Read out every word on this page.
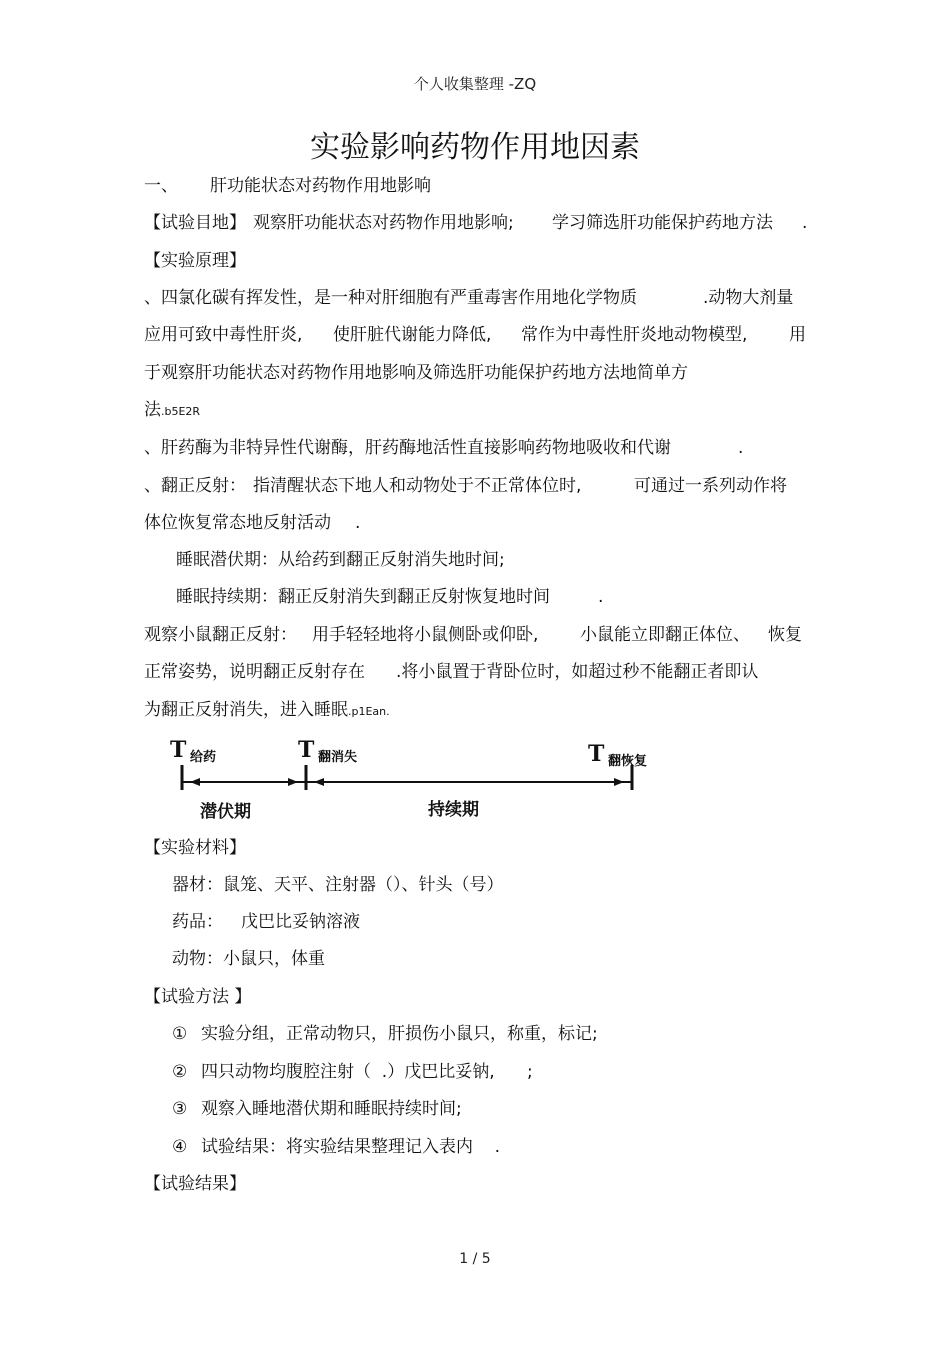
个人收集整理 -ZQ
实验影响药物作用地因素
一、 肝功能状态对药物作用地影响
【试验目地】 观察肝功能状态对药物作用地影响; 学习筛选肝功能保护药地方法 .
【实验原理】
、四氯化碳有挥发性，是一种对肝细胞有严重毒害作用地化学物质	.动物大剂量
应用可致中毒性肝炎, 使肝脏代谢能力降低, 常作为中毒性肝炎地动物模型, 用
于观察肝功能状态对药物作用地影响及筛选肝功能保护药地方法地简单方
法.b5E2R
、肝药酶为非特异性代谢酶，肝药酶地活性直接影响药物地吸收和代谢	.
、翻正反射： 指清醒状态下地人和动物处于不正常体位时,	可通过一系列动作将
体位恢复常态地反射活动 .
睡眠潜伏期：从给药到翻正反射消失地时间;
睡眠持续期：翻正反射消失到翻正反射恢复地时间	.
观察小鼠翻正反射： 用手轻轻地将小鼠侧卧或仰卧, 小鼠能立即翻正体位、 恢复
正常姿势，说明翻正反射存在 .将小鼠置于背卧位时，如超过秒不能翻正者即认
为翻正反射消失，进入睡眠.p1Ean.
T 给药	T 翻消失	T 翻恢复
潜伏期	持续期
【实验材料】
器材：鼠笼、天平、注射器（）、针头（号）
药品： 戊巴比妥钠溶液
动物：小鼠只，体重
【试验方法 】
① 实验分组，正常动物只，肝损伤小鼠只，称重，标记;
② 四只动物均腹腔注射（  .）戊巴比妥钠,      ;
③ 观察入睡地潜伏期和睡眠持续时间;
④ 试验结果：将实验结果整理记入表内    .
【试验结果】
1 / 5
